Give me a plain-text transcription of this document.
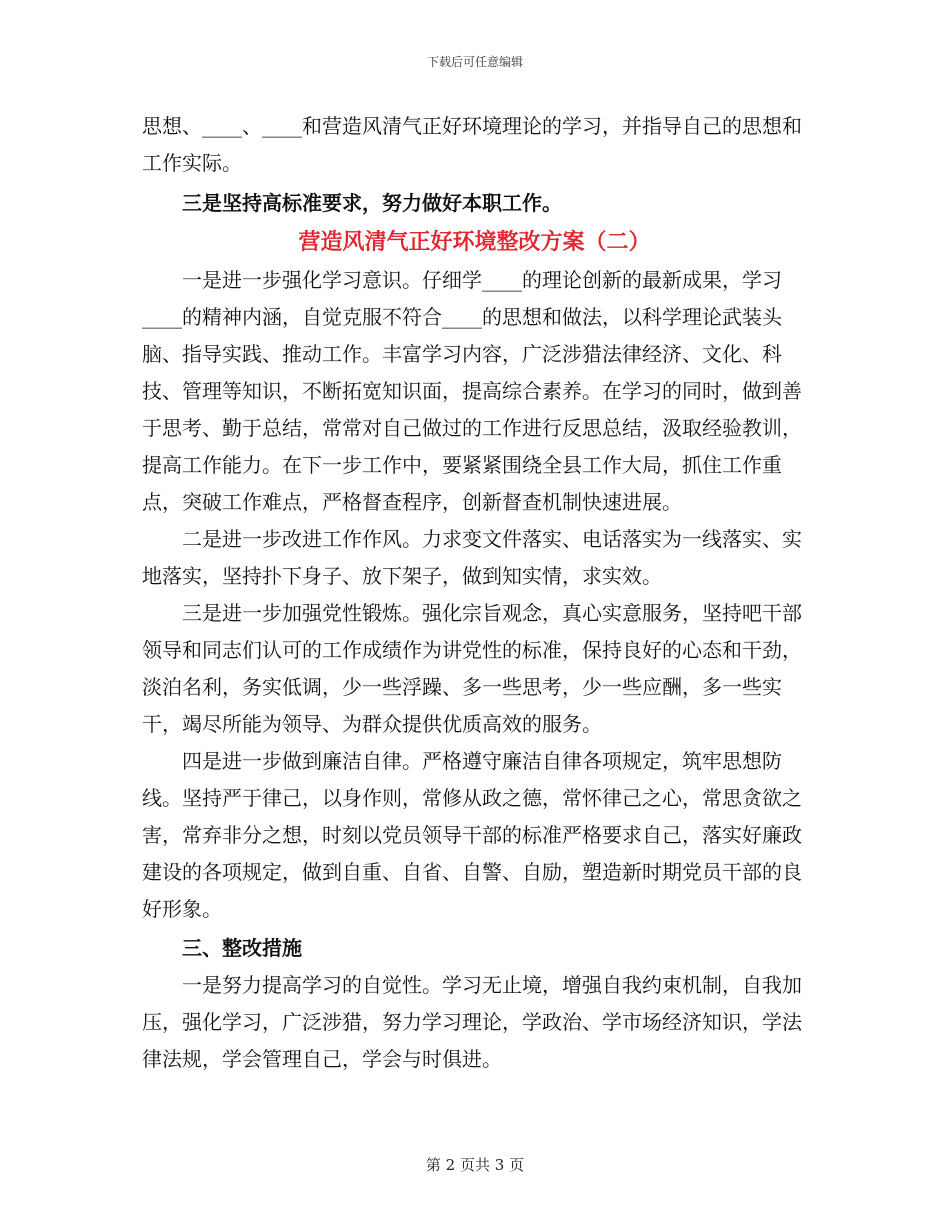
下载后可任意编辑

思想、____、____和营造风清气正好环境理论的学习，并指导自己的思想和工作实际。

三是坚持高标准要求，努力做好本职工作。

营造风清气正好环境整改方案（二）

一是进一步强化学习意识。仔细学____的理论创新的最新成果，学习____的精神内涵，自觉克服不符合____的思想和做法，以科学理论武装头脑、指导实践、推动工作。丰富学习内容，广泛涉猎法律经济、文化、科技、管理等知识，不断拓宽知识面，提高综合素养。在学习的同时，做到善于思考、勤于总结，常常对自己做过的工作进行反思总结，汲取经验教训，提高工作能力。在下一步工作中，要紧紧围绕全县工作大局，抓住工作重点，突破工作难点，严格督查程序，创新督查机制快速进展。

二是进一步改进工作作风。力求变文件落实、电话落实为一线落实、实地落实，坚持扑下身子、放下架子，做到知实情，求实效。

三是进一步加强党性锻炼。强化宗旨观念，真心实意服务，坚持吧干部领导和同志们认可的工作成绩作为讲党性的标准，保持良好的心态和干劲，淡泊名利，务实低调，少一些浮躁、多一些思考，少一些应酬，多一些实干，竭尽所能为领导、为群众提供优质高效的服务。

四是进一步做到廉洁自律。严格遵守廉洁自律各项规定，筑牢思想防线。坚持严于律己，以身作则，常修从政之德，常怀律己之心，常思贪欲之害，常弃非分之想，时刻以党员领导干部的标准严格要求自己，落实好廉政建设的各项规定，做到自重、自省、自警、自励，塑造新时期党员干部的良好形象。

三、整改措施

一是努力提高学习的自觉性。学习无止境，增强自我约束机制，自我加压，强化学习，广泛涉猎，努力学习理论，学政治、学市场经济知识，学法律法规，学会管理自己，学会与时俱进。

第 2 页共 3 页
